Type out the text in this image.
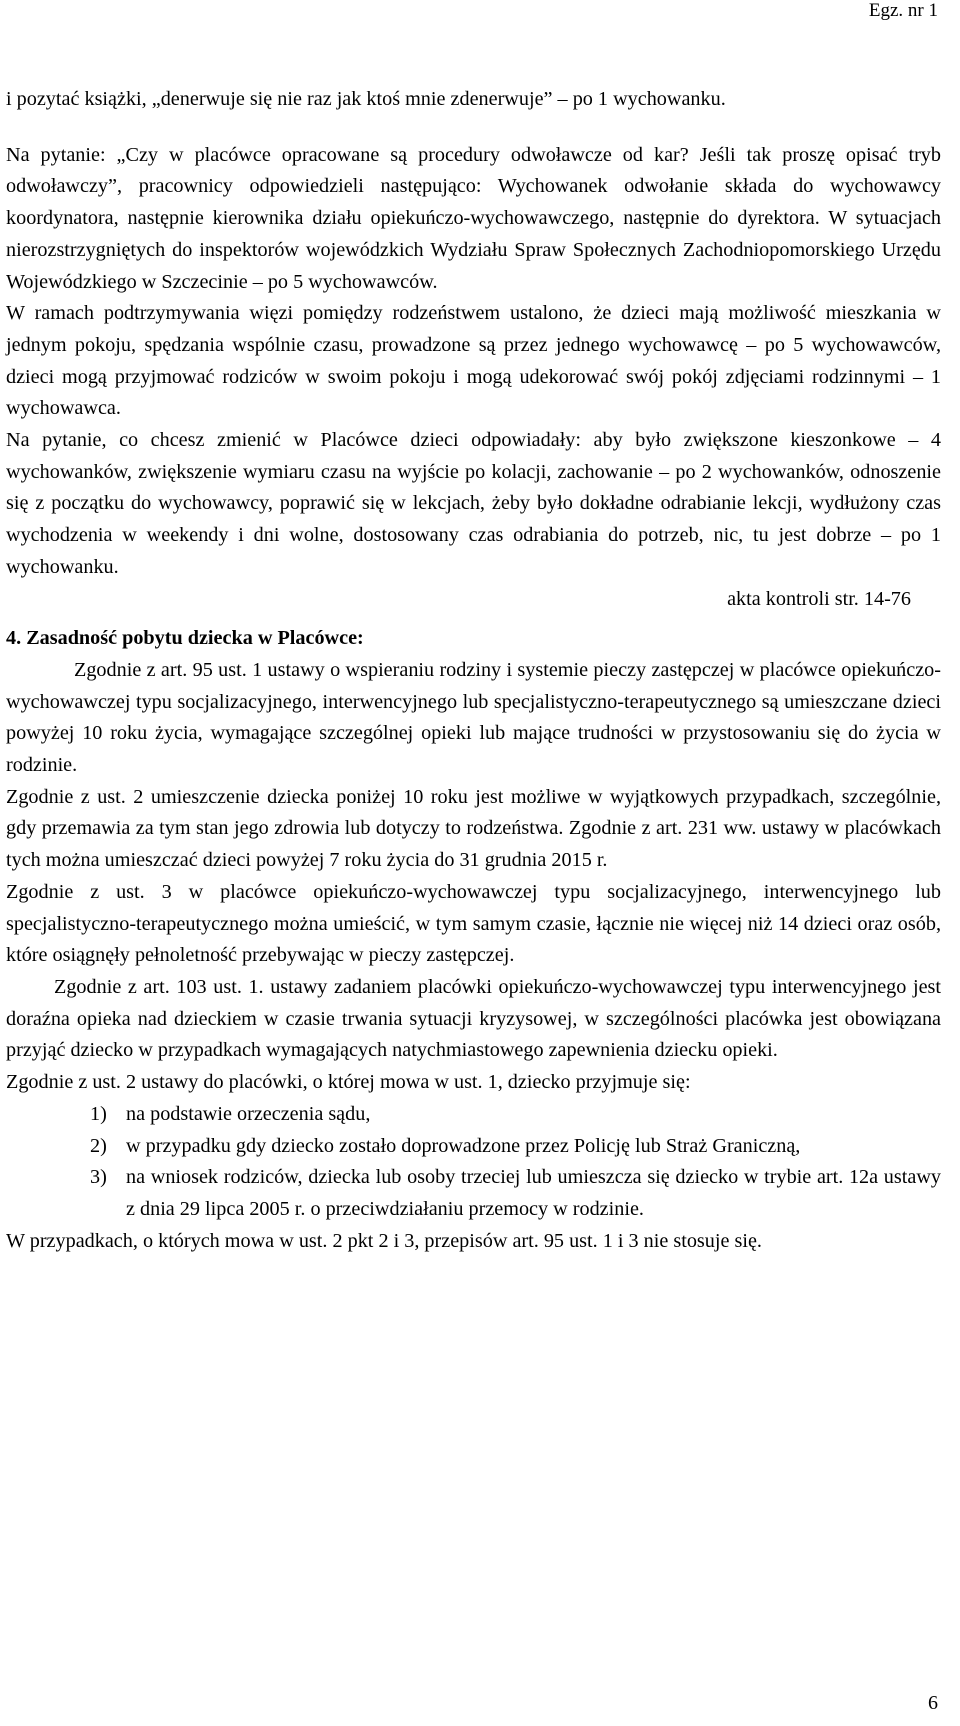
Egz. nr 1

i pozytać książki, „denerwuje się nie raz jak ktoś mnie zdenerwuje” – po 1 wychowanku.

Na pytanie: „Czy w placówce opracowane są procedury odwoławcze od kar? Jeśli tak proszę opisać tryb odwoławczy”, pracownicy odpowiedzieli następująco: Wychowanek odwołanie składa do wychowawcy koordynatora, następnie kierownika działu opiekuńczo-wychowawczego, następnie do dyrektora. W sytuacjach nierozstrzygniętych do inspektorów wojewódzkich Wydziału Spraw Społecznych Zachodniopomorskiego Urzędu Wojewódzkiego w Szczecinie – po 5 wychowawców.

W ramach podtrzymywania więzi pomiędzy rodzeństwem ustalono, że dzieci mają możliwość mieszkania w jednym pokoju, spędzania wspólnie czasu, prowadzone są przez jednego wychowawcę – po 5 wychowawców, dzieci mogą przyjmować rodziców w swoim pokoju i mogą udekorować swój pokój zdjęciami rodzinnymi – 1 wychowawca.

Na pytanie, co chcesz zmienić w Placówce dzieci odpowiadały: aby było zwiększone kieszonkowe – 4 wychowanków, zwiększenie wymiaru czasu na wyjście po kolacji, zachowanie – po 2 wychowanków, odnoszenie się z początku do wychowawcy, poprawić się w lekcjach, żeby było dokładne odrabianie lekcji, wydłużony czas wychodzenia w weekendy i dni wolne, dostosowany czas odrabiania do potrzeb, nic, tu jest dobrze – po 1 wychowanku.

akta kontroli str. 14-76

4. Zasadność pobytu dziecka w Placówce:

Zgodnie z art. 95 ust. 1 ustawy o wspieraniu rodziny i systemie pieczy zastępczej w placówce opiekuńczo-wychowawczej typu socjalizacyjnego, interwencyjnego lub specjalistyczno-terapeutycznego są umieszczane dzieci powyżej 10 roku życia, wymagające szczególnej opieki lub mające trudności w przystosowaniu się do życia w rodzinie.

Zgodnie z ust. 2 umieszczenie dziecka poniżej 10 roku jest możliwe w wyjątkowych przypadkach, szczególnie, gdy przemawia za tym stan jego zdrowia lub dotyczy to rodzeństwa. Zgodnie z art. 231 ww. ustawy w placówkach tych można umieszczać dzieci powyżej 7 roku życia do 31 grudnia 2015 r.

Zgodnie z ust. 3 w placówce opiekuńczo-wychowawczej typu socjalizacyjnego, interwencyjnego lub specjalistyczno-terapeutycznego można umieścić, w tym samym czasie, łącznie nie więcej niż 14 dzieci oraz osób, które osiągnęły pełnoletność przebywając w pieczy zastępczej.

Zgodnie z art. 103 ust. 1. ustawy zadaniem placówki opiekuńczo-wychowawczej typu interwencyjnego jest doraźna opieka nad dzieckiem w czasie trwania sytuacji kryzysowej, w szczególności placówka jest obowiązana przyjąć dziecko w przypadkach wymagających natychmiastowego zapewnienia dziecku opieki.

Zgodnie z ust. 2 ustawy do placówki, o której mowa w ust. 1, dziecko przyjmuje się:

1) na podstawie orzeczenia sądu,
2) w przypadku gdy dziecko zostało doprowadzone przez Policję lub Straż Graniczną,
3) na wniosek rodziców, dziecka lub osoby trzeciej lub umieszcza się dziecko w trybie art. 12a ustawy z dnia 29 lipca 2005 r. o przeciwdziałaniu przemocy w rodzinie.

W przypadkach, o których mowa w ust. 2 pkt 2 i 3, przepisów art. 95 ust. 1 i 3 nie stosuje się.

6
